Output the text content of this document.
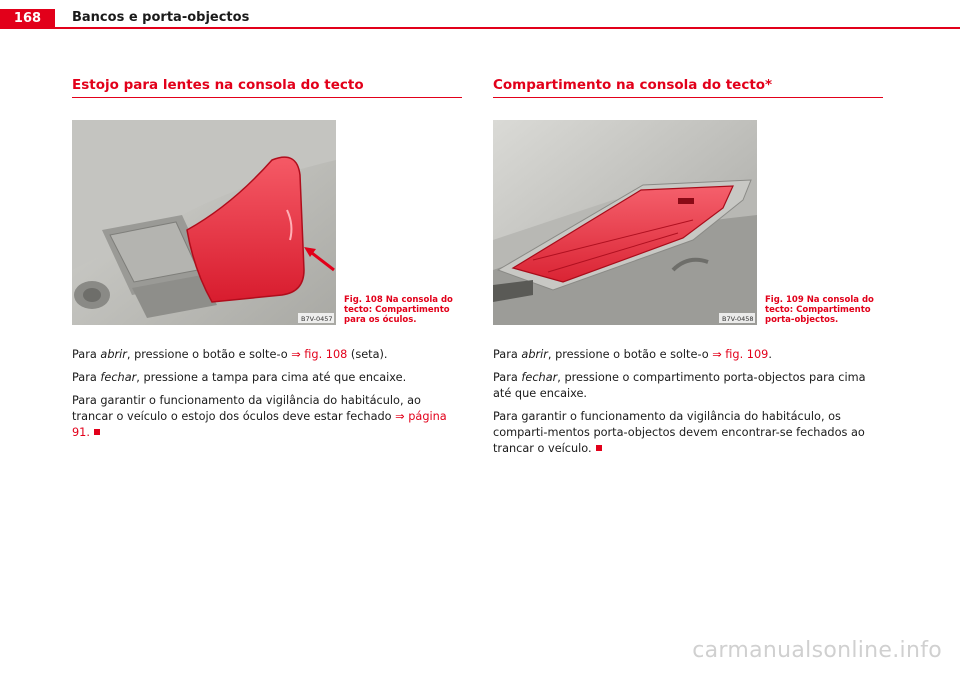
168	Bancos e porta-objectos
Estojo para lentes na consola do tecto
B7V-0457
Fig. 108 Na consola do tecto: Compartimento para os óculos.

Para abrir, pressione o botão e solte-o ⇒ fig. 108 (seta).

Para fechar, pressione a tampa para cima até que encaixe.

Para garantir o funcionamento da vigilância do habitáculo, ao trancar o veículo o estojo dos óculos deve estar fechado ⇒ página 91.

Compartimento na consola do tecto*
B7V-0458
Fig. 109 Na consola do tecto: Compartimento porta-objectos.

Para abrir, pressione o botão e solte-o ⇒ fig. 109.

Para fechar, pressione o compartimento porta-objectos para cima até que encaixe.

Para garantir o funcionamento da vigilância do habitáculo, os comparti-mentos porta-objectos devem encontrar-se fechados ao trancar o veículo.

carmanualsonline.info
